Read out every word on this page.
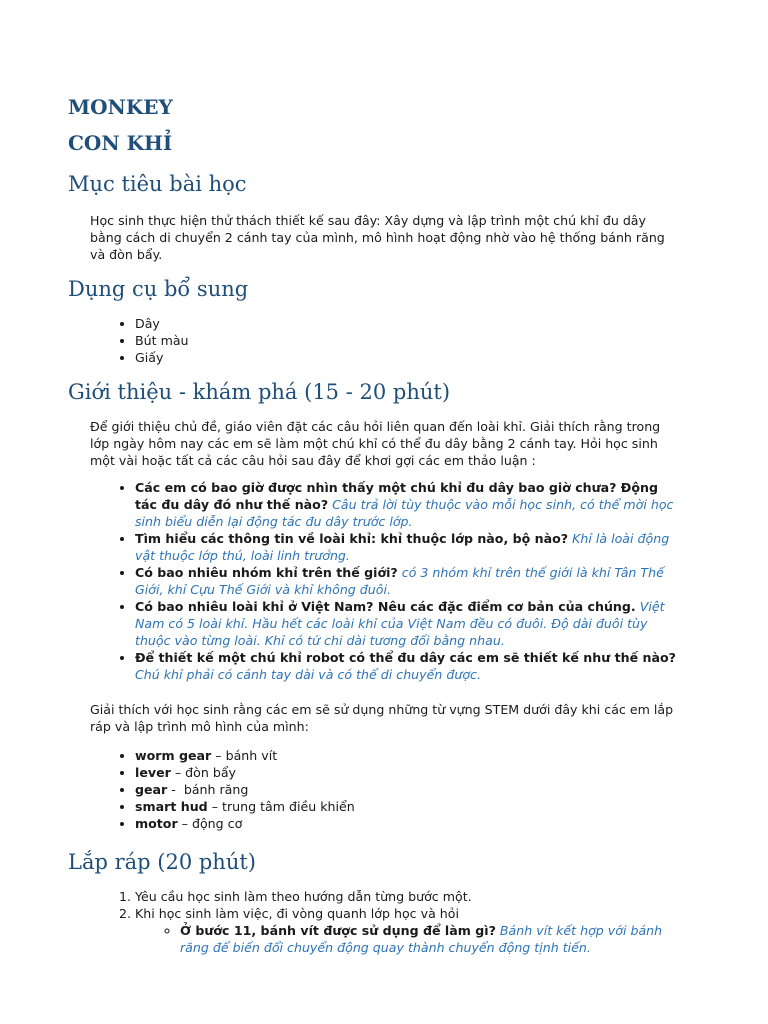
MONKEY
CON KHỈ
Mục tiêu bài học

Học sinh thực hiện thử thách thiết kế sau đây: Xây dựng và lập trình một chú khỉ đu dây bằng cách di chuyển 2 cánh tay của mình, mô hình hoạt động nhờ vào hệ thống bánh răng và đòn bẩy.

Dụng cụ bổ sung
• Dây
• Bút màu
• Giấy
Giới thiệu - khám phá (15 - 20 phút)

Để giới thiệu chủ đề, giáo viên đặt các câu hỏi liên quan đến loài khỉ. Giải thích rằng trong lớp ngày hôm nay các em sẽ làm một chú khỉ có thể đu dây bằng 2 cánh tay. Hỏi học sinh một vài hoặc tất cả các câu hỏi sau đây để khơi gợi các em thảo luận :

• Các em có bao giờ được nhìn thấy một chú khỉ đu dây bao giờ chưa? Động tác đu dây đó như thế nào? Câu trả lời tùy thuộc vào mỗi học sinh, có thể mời học sinh biểu diễn lại động tác đu dây trước lớp.
• Tìm hiểu các thông tin về loài khỉ: khỉ thuộc lớp nào, bộ nào? Khỉ là loài động vật thuộc lớp thú, loài linh trưởng.
• Có bao nhiêu nhóm khỉ trên thế giới? có 3 nhóm khỉ trên thế giới là khỉ Tân Thế Giới, khỉ Cựu Thế Giới và khỉ không đuôi.
• Có bao nhiêu loài khỉ ở Việt Nam? Nêu các đặc điểm cơ bản của chúng. Việt Nam có 5 loài khỉ. Hầu hết các loài khỉ của Việt Nam đều có đuôi. Độ dài đuôi tùy thuộc vào từng loài. Khỉ có tứ chi dài tương đối bằng nhau.
• Để thiết kế một chú khỉ robot có thể đu dây các em sẽ thiết kế như thế nào? Chú khỉ phải có cánh tay dài và có thể di chuyển được.

Giải thích với học sinh rằng các em sẽ sử dụng những từ vựng STEM dưới đây khi các em lắp ráp và lập trình mô hình của mình:

• worm gear – bánh vít
• lever – đòn bẩy
• gear -  bánh răng
• smart hud – trung tâm điều khiển
• motor – động cơ
Lắp ráp (20 phút)
1. Yêu cầu học sinh làm theo hướng dẫn từng bước một.
2. Khi học sinh làm việc, đi vòng quanh lớp học và hỏi
◦ Ở bước 11, bánh vít được sử dụng để làm gì? Bánh vít kết hợp với bánh răng để biến đổi chuyển động quay thành chuyển động tịnh tiến.
